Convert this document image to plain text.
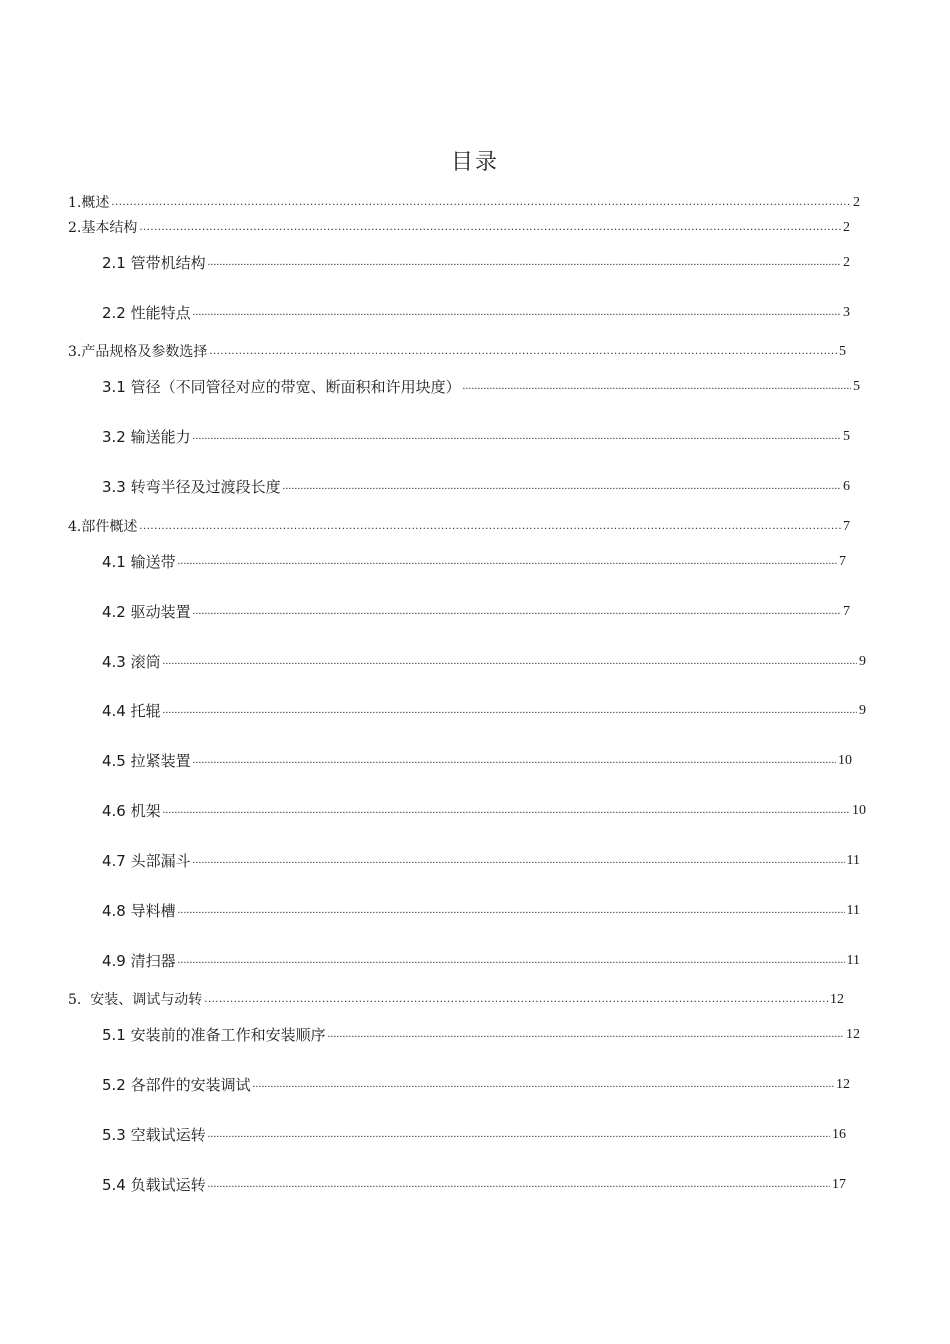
目录
1.概述 .....	2
2.基本结构 .....	2
2.1 管带机结构 .....	2
2.2 性能特点 .....	3
3.产品规格及参数选择 .....	5
3.1 管径（不同管径对应的带宽、断面积和许用块度） .....	5
3.2 输送能力 .....	5
3.3 转弯半径及过渡段长度 .....	6
4.部件概述 .....	7
4.1 输送带 .....	7
4.2 驱动装置 .....	7
4.3 滚筒 .....	9
4.4 托辊 .....	9
4.5 拉紧装置 .....	10
4.6 机架 .....	10
4.7 头部漏斗 .....	11
4.8 导料槽 .....	11
4.9 清扫器 .....	11
5.  安装、调试与动转 .....	12
5.1 安装前的准备工作和安装顺序 .....	12
5.2 各部件的安装调试 .....	12
5.3 空载试运转 .....	16
5.4 负载试运转 .....	17
